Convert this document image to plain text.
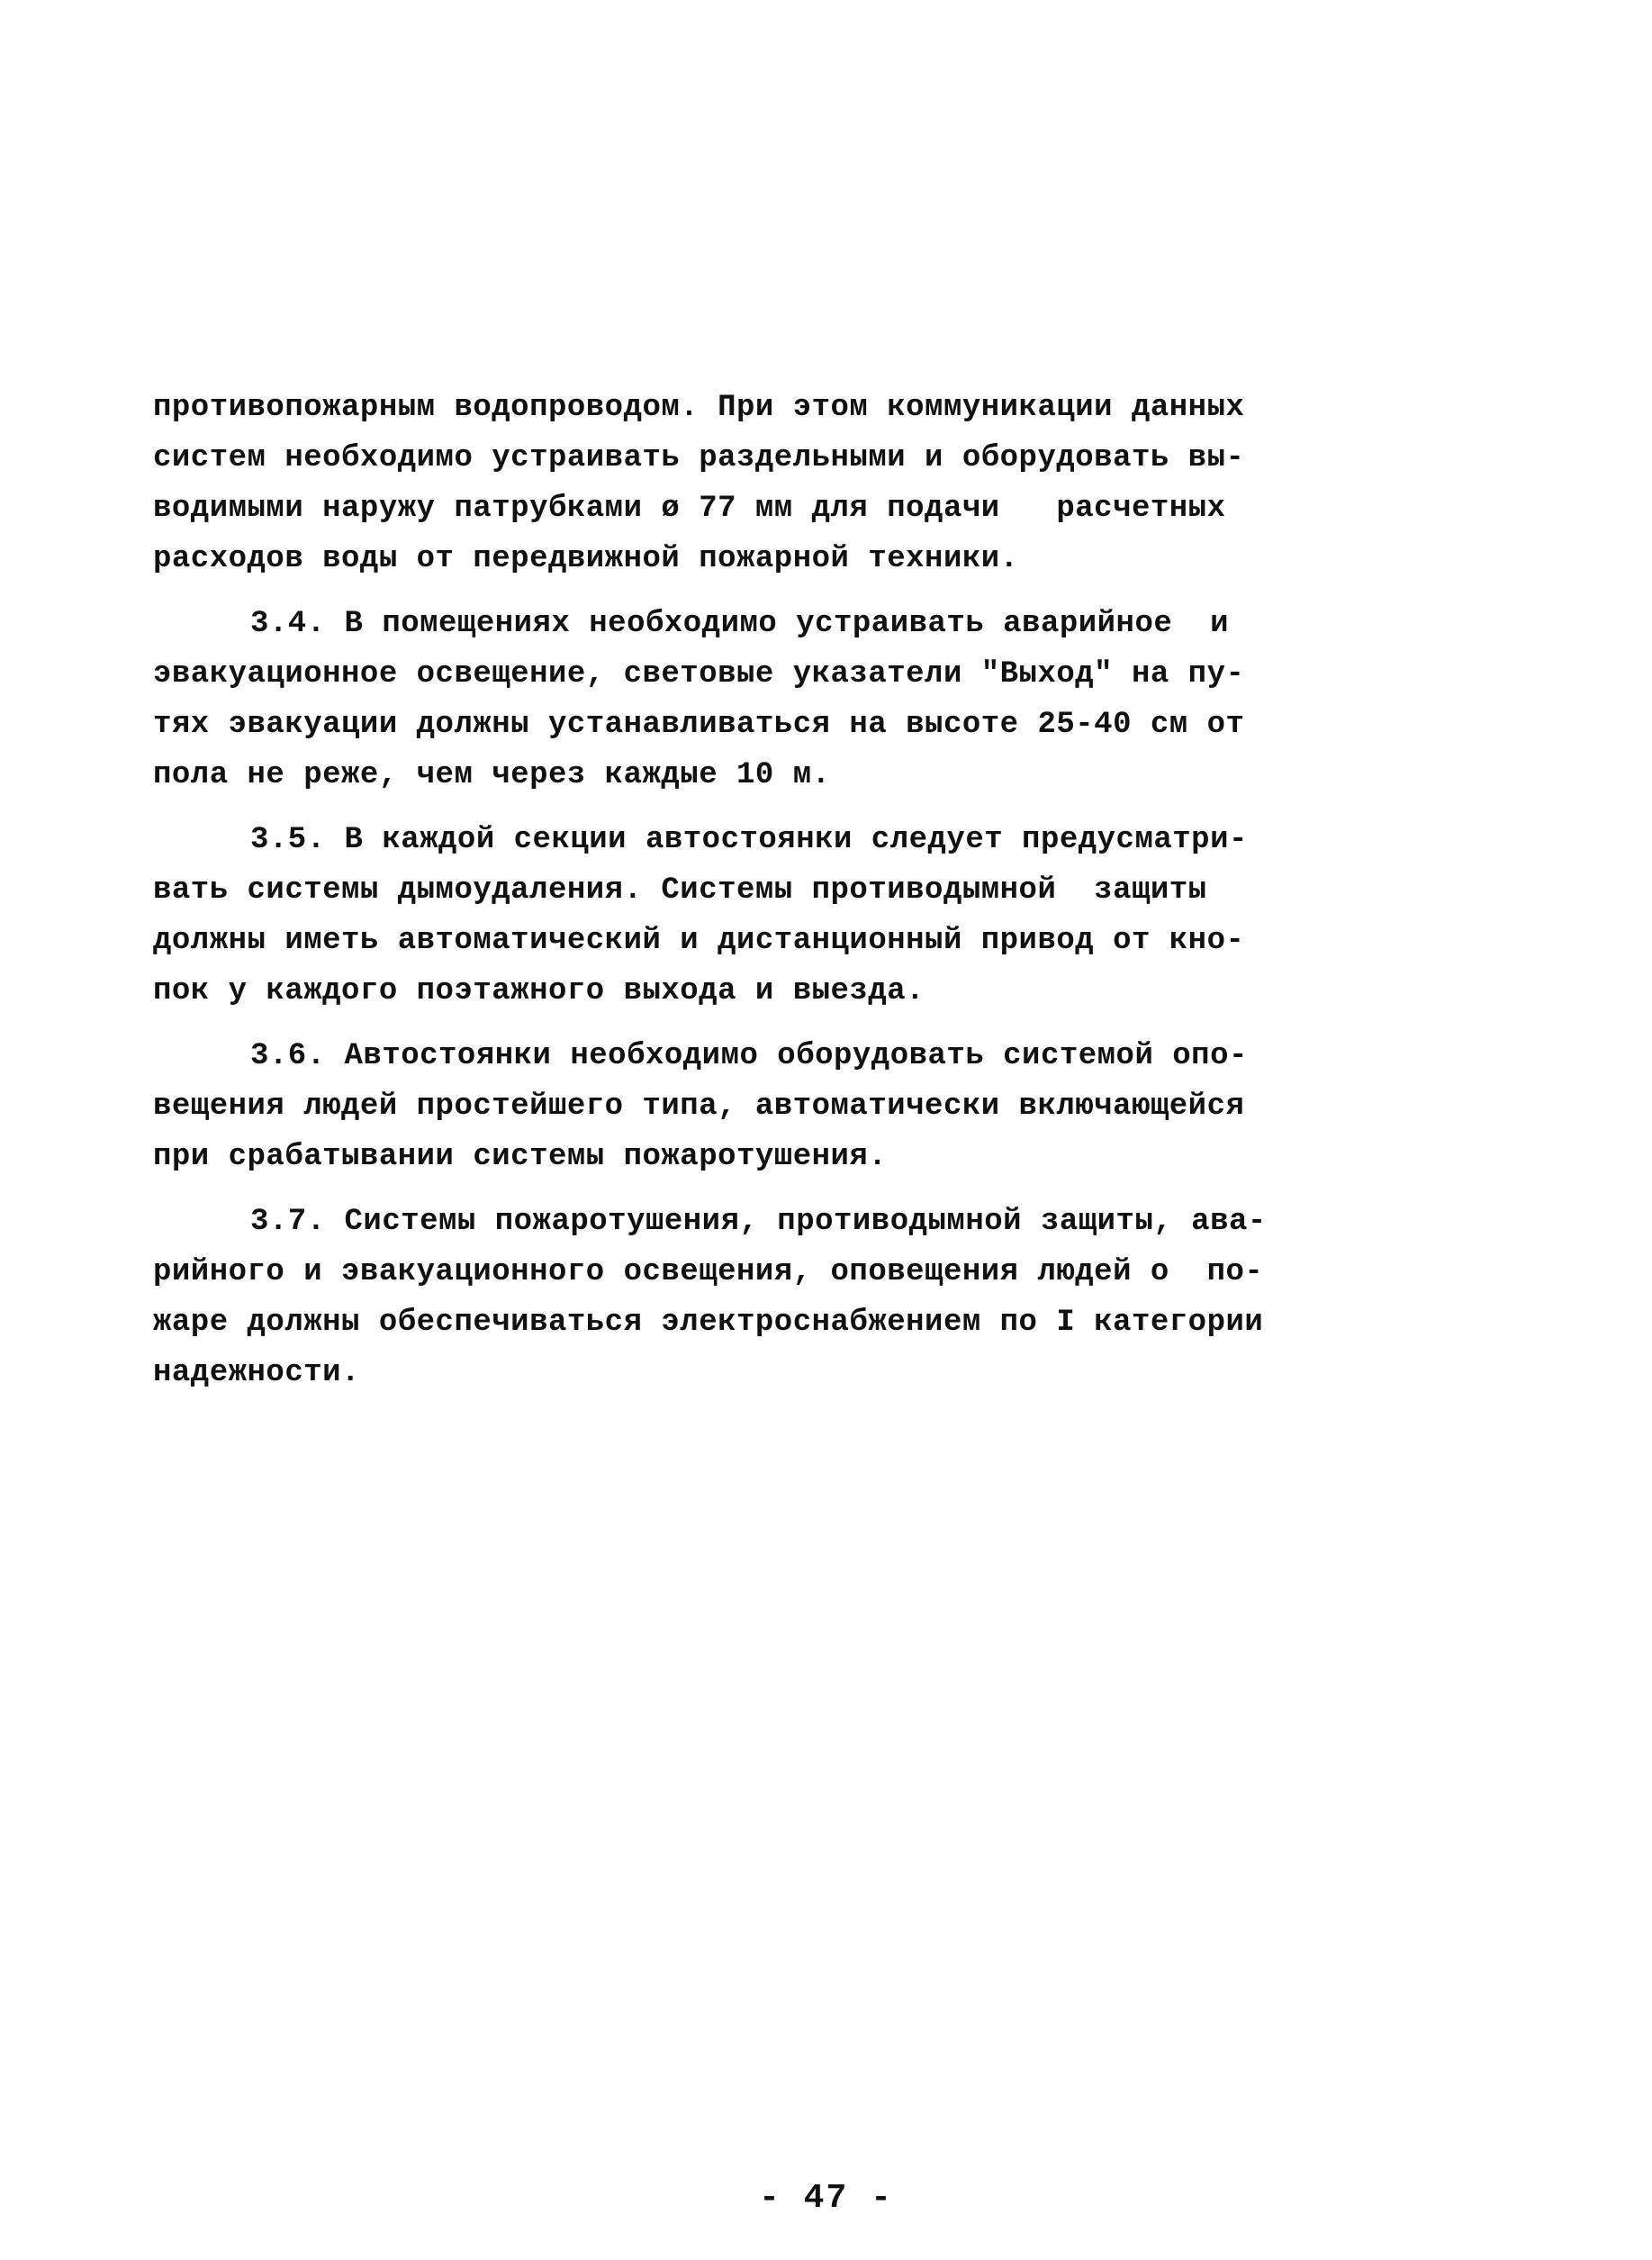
противопожарным водопроводом. При этом коммуникации данных
систем необходимо устраивать раздельными и оборудовать вы-
водимыми наружу патрубками ø 77 мм для подачи   расчетных
расходов воды от передвижной пожарной техники.
3.4. В помещениях необходимо устраивать аварийное  и
эвакуационное освещение, световые указатели "Выход" на пу-
тях эвакуации должны устанавливаться на высоте 25-40 см от
пола не реже, чем через каждые 10 м.
3.5. В каждой секции автостоянки следует предусматри-
вать системы дымоудаления. Системы противодымной  защиты
должны иметь автоматический и дистанционный привод от кно-
пок у каждого поэтажного выхода и выезда.
3.6. Автостоянки необходимо оборудовать системой опо-
вещения людей простейшего типа, автоматически включающейся
при срабатывании системы пожаротушения.
3.7. Системы пожаротушения, противодымной защиты, ава-
рийного и эвакуационного освещения, оповещения людей о  по-
жаре должны обеспечиваться электроснабжением по I категории
надежности.
- 47 -
